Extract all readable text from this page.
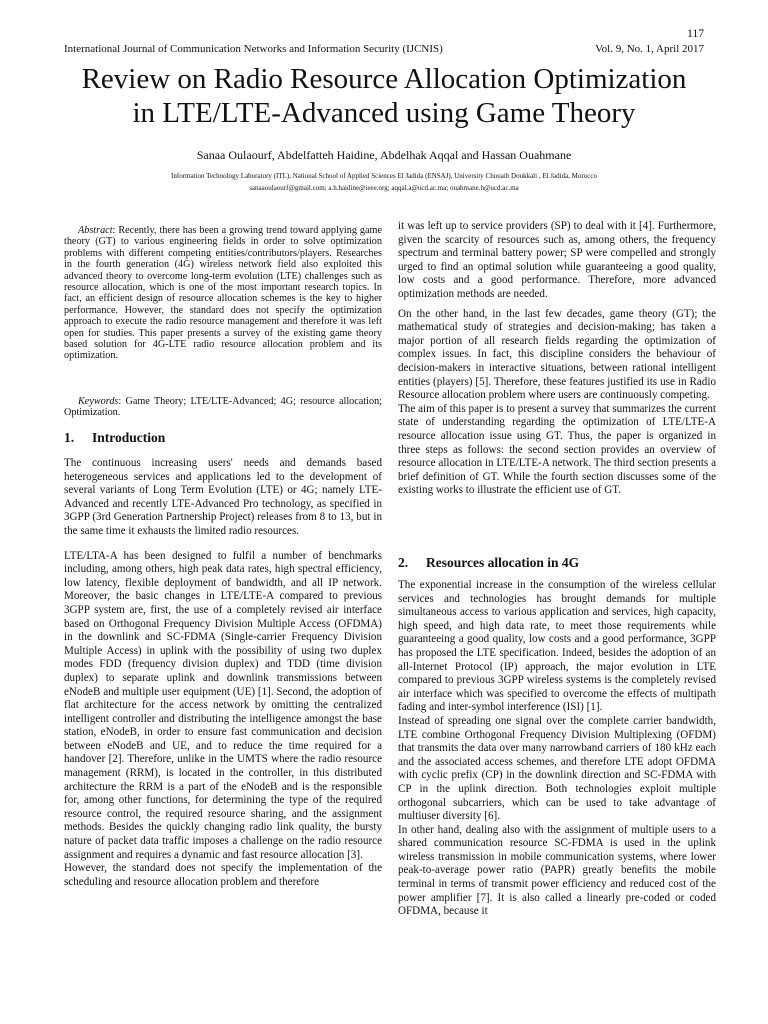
117
International Journal of Communication Networks and Information Security (IJCNIS)	Vol. 9, No. 1, April 2017
Review on Radio Resource Allocation Optimization
in LTE/LTE-Advanced using Game Theory
Sanaa Oulaourf, Abdelfatteh Haidine, Abdelhak Aqqal and Hassan Ouahmane
Information Technology Laboratory (ITL), National School of Applied Sciences El Jadida (ENSAJ), University Chouaib Doukkali , El Jadida, Morocco
sanaaoulaourf@gmail.com; a.h.haidine@ieee.org; aqqal.a@ucd.ac.ma; ouahmane.h@ucd.ac.ma

Abstract: Recently, there has been a growing trend toward applying game theory (GT) to various engineering fields in order to solve optimization problems with different competing entities/contributors/players. Researches in the fourth generation (4G) wireless network field also exploited this advanced theory to overcome long-term evolution (LTE) challenges such as resource allocation, which is one of the most important research topics. In fact, an efficient design of resource allocation schemes is the key to higher performance. However, the standard does not specify the optimization approach to execute the radio resource management and therefore it was left open for studies. This paper presents a survey of the existing game theory based solution for 4G-LTE radio resource allocation problem and its optimization.

Keywords: Game Theory; LTE/LTE-Advanced; 4G; resource allocation; Optimization.

1. Introduction

The continuous increasing users' needs and demands based heterogeneous services and applications led to the development of several variants of Long Term Evolution (LTE) or 4G; namely LTE-Advanced and recently LTE-Advanced Pro technology, as specified in 3GPP (3rd Generation Partnership Project) releases from 8 to 13, but in the same time it exhausts the limited radio resources.

LTE/LTA-A has been designed to fulfil a number of benchmarks including, among others, high peak data rates, high spectral efficiency, low latency, flexible deployment of bandwidth, and all IP network. Moreover, the basic changes in LTE/LTE-A compared to previous 3GPP system are, first, the use of a completely revised air interface based on Orthogonal Frequency Division Multiple Access (OFDMA) in the downlink and SC-FDMA (Single-carrier Frequency Division Multiple Access) in uplink with the possibility of using two duplex modes FDD (frequency division duplex) and TDD (time division duplex) to separate uplink and downlink transmissions between eNodeB and multiple user equipment (UE) [1]. Second, the adoption of flat architecture for the access network by omitting the centralized intelligent controller and distributing the intelligence amongst the base station, eNodeB, in order to ensure fast communication and decision between eNodeB and UE, and to reduce the time required for a handover [2]. Therefore, unlike in the UMTS where the radio resource management (RRM), is located in the controller, in this distributed architecture the RRM is a part of the eNodeB and is the responsible for, among other functions, for determining the type of the required resource control, the required resource sharing, and the assignment methods. Besides the quickly changing radio link quality, the bursty nature of packet data traffic imposes a challenge on the radio resource assignment and requires a dynamic and fast resource allocation [3].

However, the standard does not specify the implementation of the scheduling and resource allocation problem and therefore

it was left up to service providers (SP) to deal with it [4]. Furthermore, given the scarcity of resources such as, among others, the frequency spectrum and terminal battery power; SP were compelled and strongly urged to find an optimal solution while guaranteeing a good quality, low costs and a good performance. Therefore, more advanced optimization methods are needed.

On the other hand, in the last few decades, game theory (GT); the mathematical study of strategies and decision-making; has taken a major portion of all research fields regarding the optimization of complex issues. In fact, this discipline considers the behaviour of decision-makers in interactive situations, between rational intelligent entities (players) [5]. Therefore, these features justified its use in Radio Resource allocation problem where users are continuously competing.

The aim of this paper is to present a survey that summarizes the current state of understanding regarding the optimization of LTE/LTE-A resource allocation issue using GT. Thus, the paper is organized in three steps as follows: the second section provides an overview of resource allocation in LTE/LTE-A network. The third section presents a brief definition of GT. While the fourth section discusses some of the existing works to illustrate the efficient use of GT.

2. Resources allocation in 4G

The exponential increase in the consumption of the wireless cellular services and technologies has brought demands for multiple simultaneous access to various application and services, high capacity, high speed, and high data rate, to meet those requirements while guaranteeing a good quality, low costs and a good performance, 3GPP has proposed the LTE specification. Indeed, besides the adoption of an all-Internet Protocol (IP) approach, the major evolution in LTE compared to previous 3GPP wireless systems is the completely revised air interface which was specified to overcome the effects of multipath fading and inter-symbol interference (ISI) [1].

Instead of spreading one signal over the complete carrier bandwidth, LTE combine Orthogonal Frequency Division Multiplexing (OFDM) that transmits the data over many narrowband carriers of 180 kHz each and the associated access schemes, and therefore LTE adopt OFDMA with cyclic prefix (CP) in the downlink direction and SC-FDMA with CP in the uplink direction. Both technologies exploit multiple orthogonal subcarriers, which can be used to take advantage of multiuser diversity [6].

In other hand, dealing also with the assignment of multiple users to a shared communication resource SC-FDMA is used in the uplink wireless transmission in mobile communication systems, where lower peak-to-average power ratio (PAPR) greatly benefits the mobile terminal in terms of transmit power efficiency and reduced cost of the power amplifier [7]. It is also called a linearly pre-coded or coded OFDMA, because it
